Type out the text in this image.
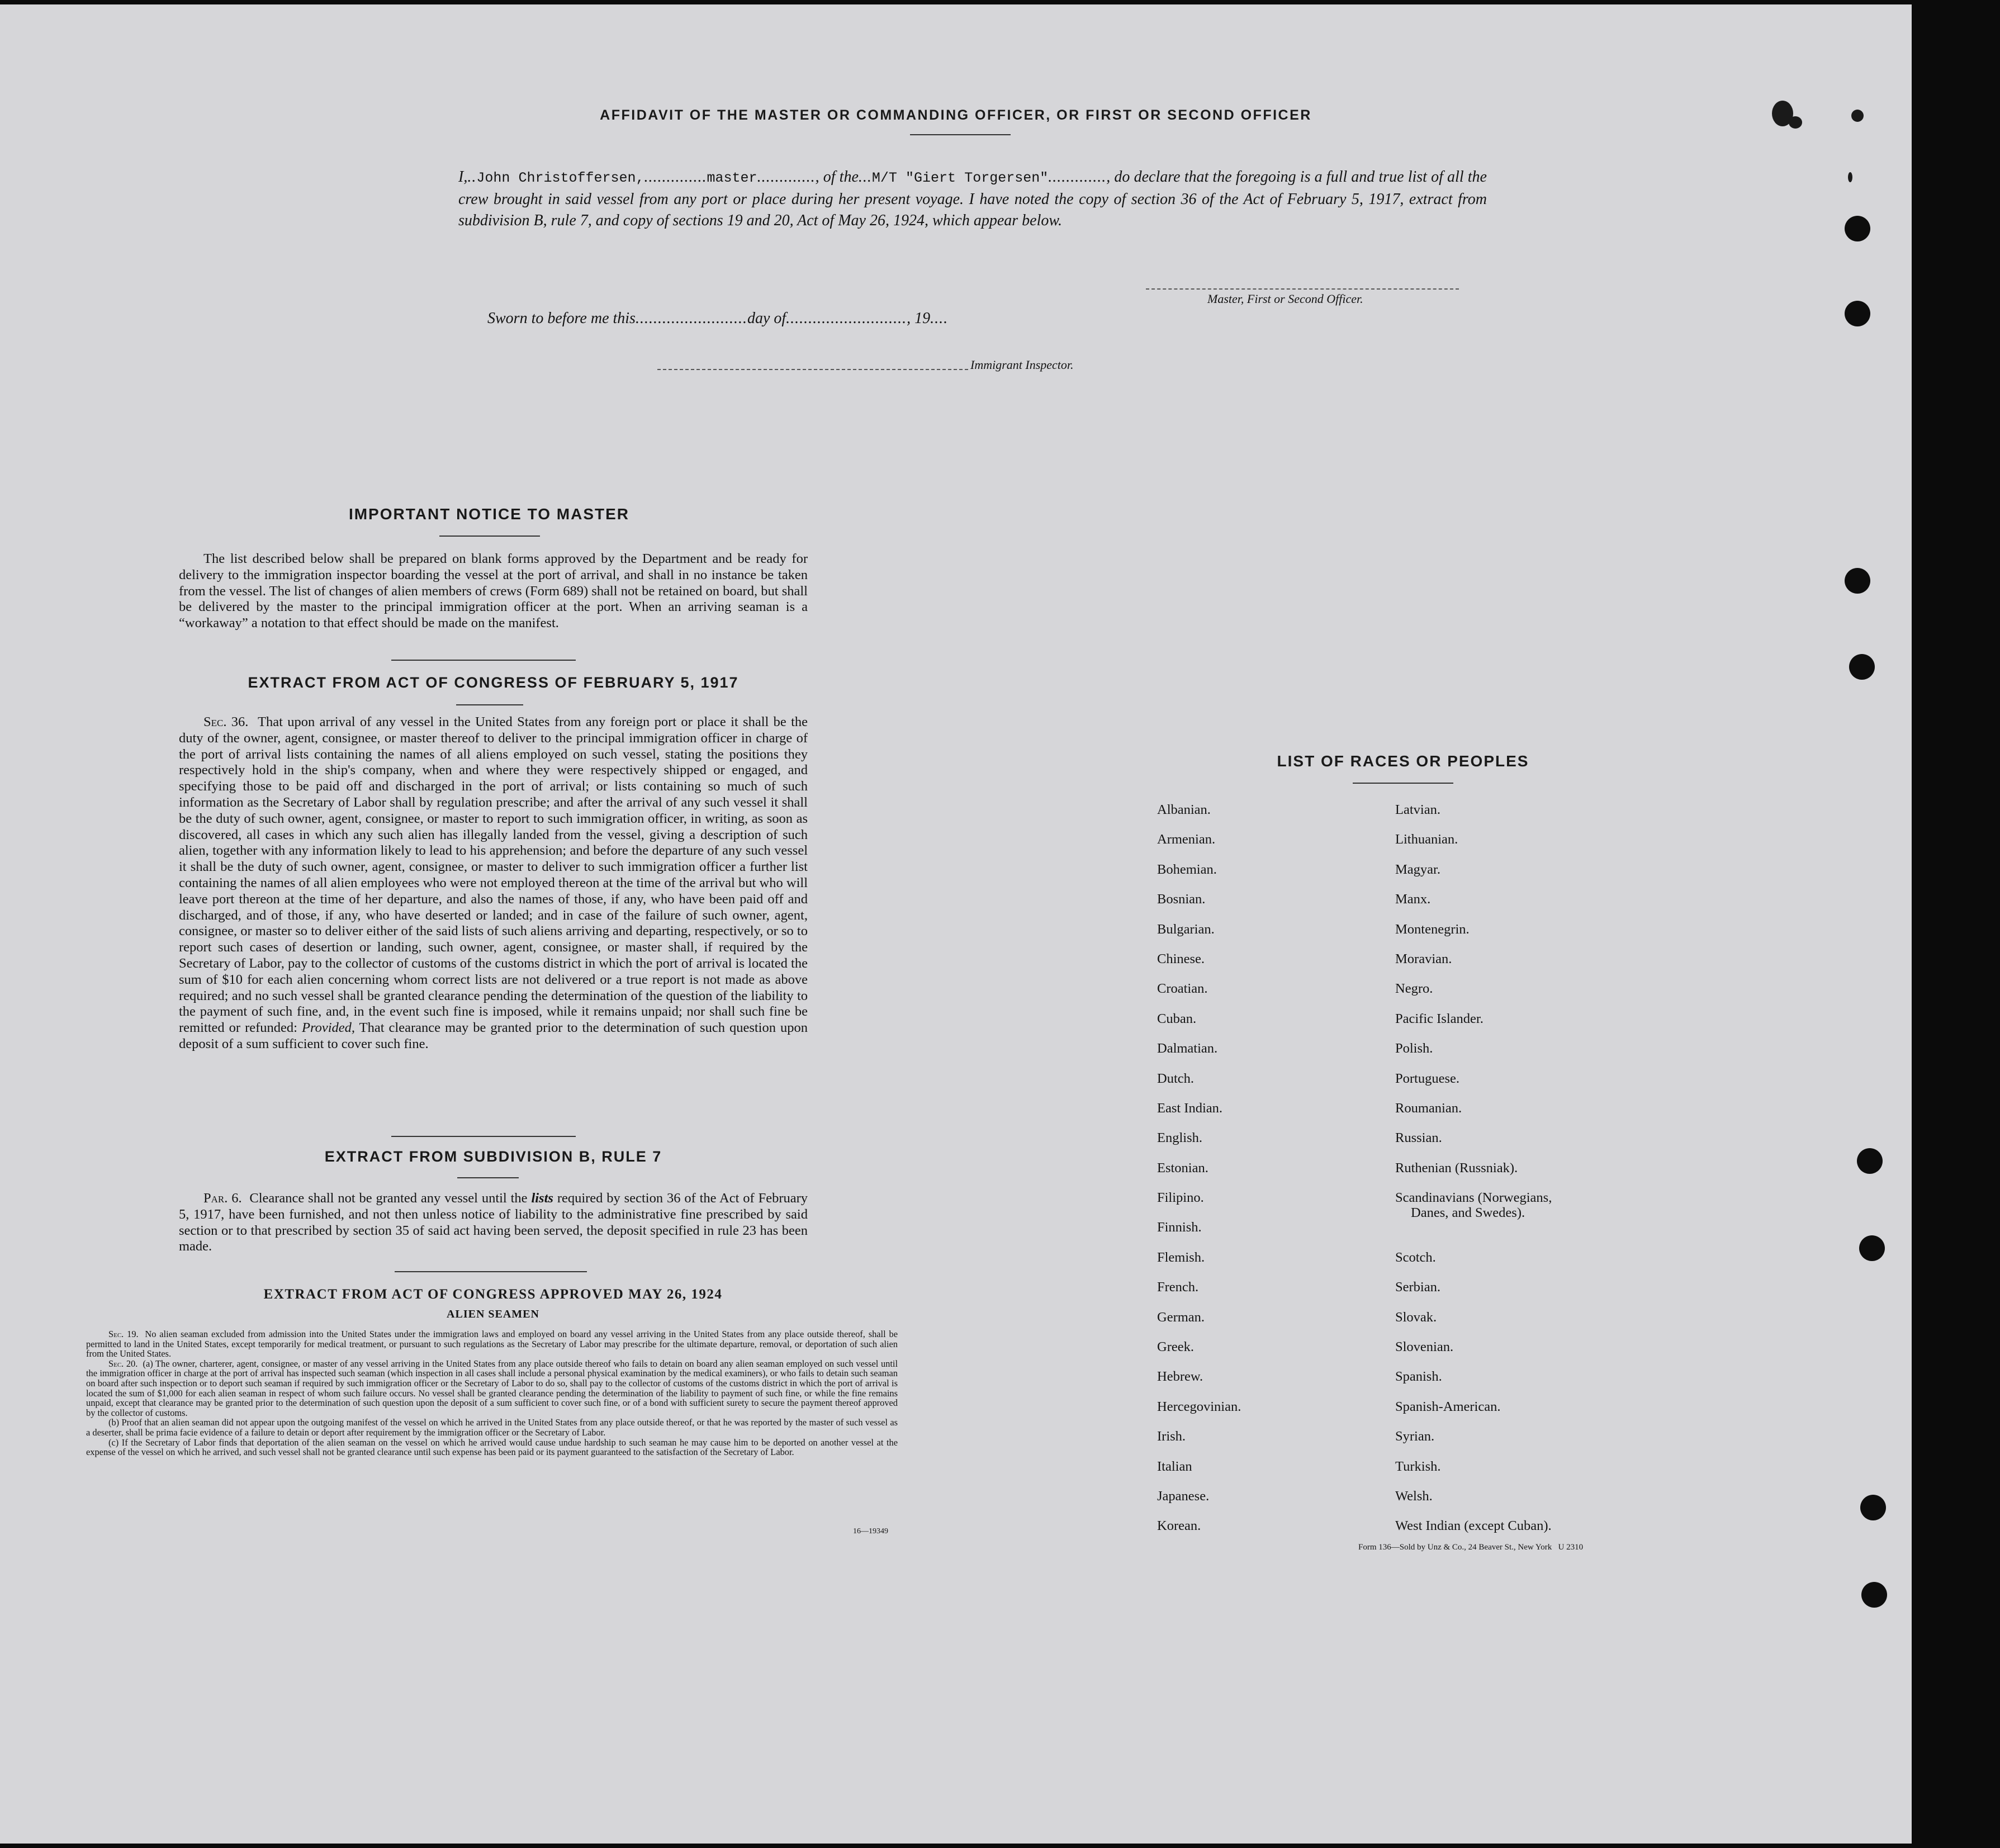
AFFIDAVIT OF THE MASTER OR COMMANDING OFFICER, OR FIRST OR SECOND OFFICER
I,..John Christoffersen,..............master............., of the...M/T "Giert Torgersen"............., do declare that the foregoing is a full and true list of all the crew brought in said vessel from any port or place during her present voyage. I have noted the copy of section 36 of the Act of February 5, 1917, extract from subdivision B, rule 7, and copy of sections 19 and 20, Act of May 26, 1924, which appear below.
Master, First or Second Officer.
Sworn to before me this.........................day of..........................., 19....
Immigrant Inspector.
IMPORTANT NOTICE TO MASTER

The list described below shall be prepared on blank forms approved by the Department and be ready for delivery to the immigration inspector boarding the vessel at the port of arrival, and shall in no instance be taken from the vessel. The list of changes of alien members of crews (Form 689) shall not be retained on board, but shall be delivered by the master to the principal immigration officer at the port. When an arriving seaman is a “workaway” a notation to that effect should be made on the manifest.

EXTRACT FROM ACT OF CONGRESS OF FEBRUARY 5, 1917

Sec. 36. That upon arrival of any vessel in the United States from any foreign port or place it shall be the duty of the owner, agent, consignee, or master thereof to deliver to the principal immigration officer in charge of the port of arrival lists containing the names of all aliens employed on such vessel, stating the positions they respectively hold in the ship's company, when and where they were respectively shipped or engaged, and specifying those to be paid off and discharged in the port of arrival; or lists containing so much of such information as the Secretary of Labor shall by regulation prescribe; and after the arrival of any such vessel it shall be the duty of such owner, agent, consignee, or master to report to such immigration officer, in writing, as soon as discovered, all cases in which any such alien has illegally landed from the vessel, giving a description of such alien, together with any information likely to lead to his apprehension; and before the departure of any such vessel it shall be the duty of such owner, agent, consignee, or master to deliver to such immigration officer a further list containing the names of all alien employees who were not employed thereon at the time of the arrival but who will leave port thereon at the time of her departure, and also the names of those, if any, who have been paid off and discharged, and of those, if any, who have deserted or landed; and in case of the failure of such owner, agent, consignee, or master so to deliver either of the said lists of such aliens arriving and departing, respectively, or so to report such cases of desertion or landing, such owner, agent, consignee, or master shall, if required by the Secretary of Labor, pay to the collector of customs of the customs district in which the port of arrival is located the sum of $10 for each alien concerning whom correct lists are not delivered or a true report is not made as above required; and no such vessel shall be granted clearance pending the determination of the question of the liability to the payment of such fine, and, in the event such fine is imposed, while it remains unpaid; nor shall such fine be remitted or refunded: Provided, That clearance may be granted prior to the determination of such question upon deposit of a sum sufficient to cover such fine.

EXTRACT FROM SUBDIVISION B, RULE 7

Par. 6. Clearance shall not be granted any vessel until the lists required by section 36 of the Act of February 5, 1917, have been furnished, and not then unless notice of liability to the administrative fine prescribed by said section or to that prescribed by section 35 of said act having been served, the deposit specified in rule 23 has been made.

EXTRACT FROM ACT OF CONGRESS APPROVED MAY 26, 1924
ALIEN SEAMEN

Sec. 19. No alien seaman excluded from admission into the United States under the immigration laws and employed on board any vessel arriving in the United States from any place outside thereof, shall be permitted to land in the United States, except temporarily for medical treatment, or pursuant to such regulations as the Secretary of Labor may prescribe for the ultimate departure, removal, or deportation of such alien from the United States.

Sec. 20. (a) The owner, charterer, agent, consignee, or master of any vessel arriving in the United States from any place outside thereof who fails to detain on board any alien seaman employed on such vessel until the immigration officer in charge at the port of arrival has inspected such seaman (which inspection in all cases shall include a personal physical examination by the medical examiners), or who fails to detain such seaman on board after such inspection or to deport such seaman if required by such immigration officer or the Secretary of Labor to do so, shall pay to the collector of customs of the customs district in which the port of arrival is located the sum of $1,000 for each alien seaman in respect of whom such failure occurs. No vessel shall be granted clearance pending the determination of the liability to payment of such fine, or while the fine remains unpaid, except that clearance may be granted prior to the determination of such question upon the deposit of a sum sufficient to cover such fine, or of a bond with sufficient surety to secure the payment thereof approved by the collector of customs.

(b) Proof that an alien seaman did not appear upon the outgoing manifest of the vessel on which he arrived in the United States from any place outside thereof, or that he was reported by the master of such vessel as a deserter, shall be prima facie evidence of a failure to detain or deport after requirement by the immigration officer or the Secretary of Labor.

(c) If the Secretary of Labor finds that deportation of the alien seaman on the vessel on which he arrived would cause undue hardship to such seaman he may cause him to be deported on another vessel at the expense of the vessel on which he arrived, and such vessel shall not be granted clearance until such expense has been paid or its payment guaranteed to the satisfaction of the Secretary of Labor.

16—19349
LIST OF RACES OR PEOPLES
Albanian.
Armenian.
Bohemian.
Bosnian.
Bulgarian.
Chinese.
Croatian.
Cuban.
Dalmatian.
Dutch.
East Indian.
English.
Estonian.
Filipino.
Finnish.
Flemish.
French.
German.
Greek.
Hebrew.
Hercegovinian.
Irish.
Italian
Japanese.
Korean.
Latvian.
Lithuanian.
Magyar.
Manx.
Montenegrin.
Moravian.
Negro.
Pacific Islander.
Polish.
Portuguese.
Roumanian.
Russian.
Ruthenian (Russniak).
Scandinavians (Norwegians,
Danes, and Swedes).
Scotch.
Serbian.
Slovak.
Slovenian.
Spanish.
Spanish-American.
Syrian.
Turkish.
Welsh.
West Indian (except Cuban).
Form 136—Sold by Unz & Co., 24 Beaver St., New York   U 2310
